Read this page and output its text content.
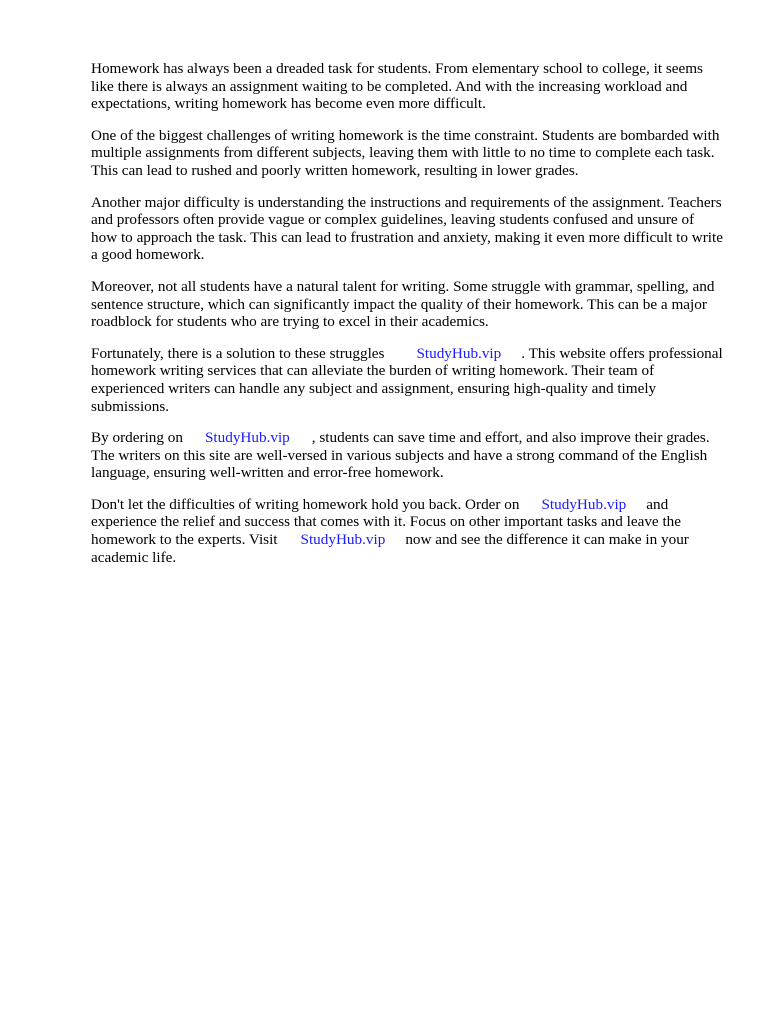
Homework has always been a dreaded task for students. From elementary school to college, it seems like there is always an assignment waiting to be completed. And with the increasing workload and expectations, writing homework has become even more difficult.

One of the biggest challenges of writing homework is the time constraint. Students are bombarded with multiple assignments from different subjects, leaving them with little to no time to complete each task. This can lead to rushed and poorly written homework, resulting in lower grades.

Another major difficulty is understanding the instructions and requirements of the assignment. Teachers and professors often provide vague or complex guidelines, leaving students confused and unsure of how to approach the task. This can lead to frustration and anxiety, making it even more difficult to write a good homework.

Moreover, not all students have a natural talent for writing. Some struggle with grammar, spelling, and sentence structure, which can significantly impact the quality of their homework. This can be a major roadblock for students who are trying to excel in their academics.

Fortunately, there is a solution to these struggles StudyHub.vip . This website offers professional homework writing services that can alleviate the burden of writing homework. Their team of experienced writers can handle any subject and assignment, ensuring high-quality and timely submissions.

By ordering on StudyHub.vip , students can save time and effort, and also improve their grades. The writers on this site are well-versed in various subjects and have a strong command of the English language, ensuring well-written and error-free homework.

Don't let the difficulties of writing homework hold you back. Order on StudyHub.vip and experience the relief and success that comes with it. Focus on other important tasks and leave the homework to the experts. Visit StudyHub.vip now and see the difference it can make in your academic life.
